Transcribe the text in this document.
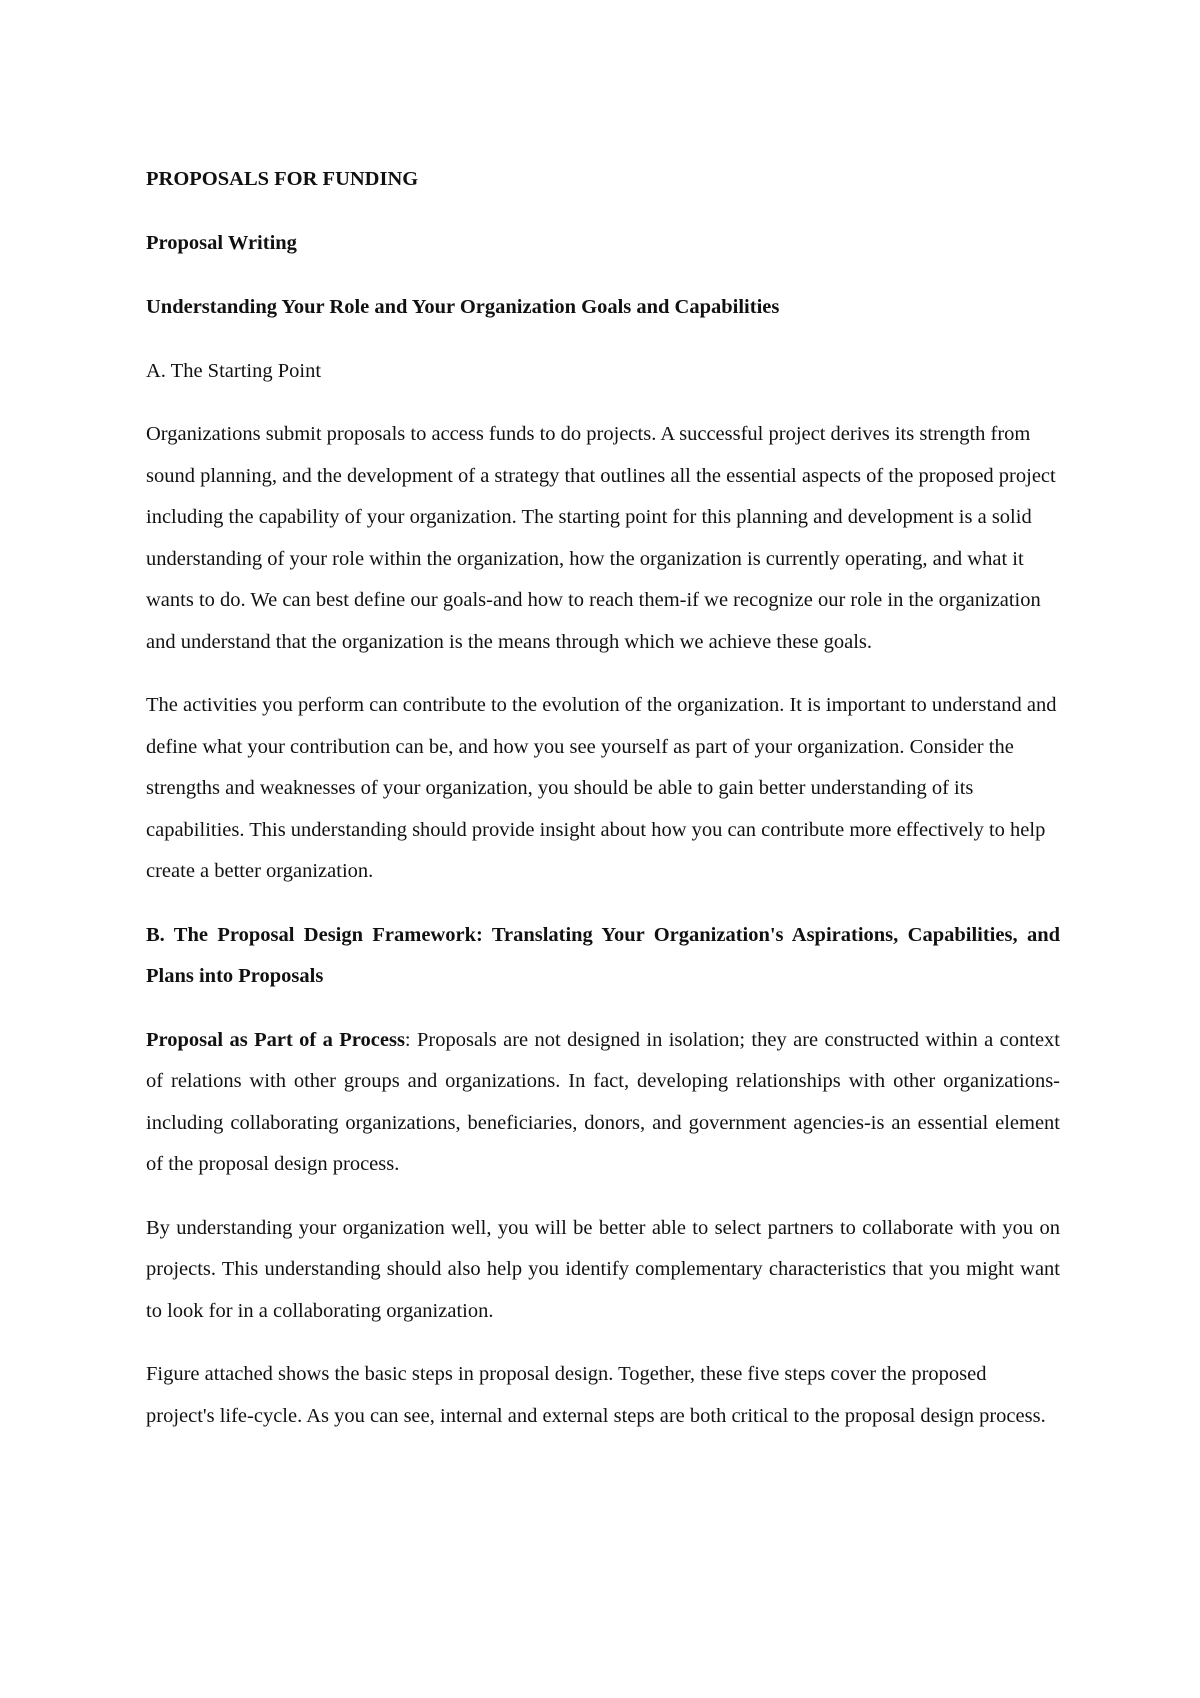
PROPOSALS FOR FUNDING
Proposal Writing
Understanding Your Role and Your Organization Goals and Capabilities

A. The Starting Point

Organizations submit proposals to access funds to do projects. A successful project derives its strength from sound planning, and the development of a strategy that outlines all the essential aspects of the proposed project including the capability of your organization. The starting point for this planning and development is a solid understanding of your role within the organization, how the organization is currently operating, and what it wants to do. We can best define our goals-and how to reach them-if we recognize our role in the organization and understand that the organization is the means through which we achieve these goals.

The activities you perform can contribute to the evolution of the organization. It is important to understand and define what your contribution can be, and how you see yourself as part of your organization. Consider the strengths and weaknesses of your organization, you should be able to gain better understanding of its capabilities. This understanding should provide insight about how you can contribute more effectively to help create a better organization.

B. The Proposal Design Framework: Translating Your Organization's Aspirations, Capabilities, and Plans into Proposals

Proposal as Part of a Process: Proposals are not designed in isolation; they are constructed within a context of relations with other groups and organizations. In fact, developing relationships with other organizations-including collaborating organizations, beneficiaries, donors, and government agencies-is an essential element of the proposal design process.

By understanding your organization well, you will be better able to select partners to collaborate with you on projects. This understanding should also help you identify complementary characteristics that you might want to look for in a collaborating organization.

Figure attached shows the basic steps in proposal design. Together, these five steps cover the proposed project's life-cycle. As you can see, internal and external steps are both critical to the proposal design process.
